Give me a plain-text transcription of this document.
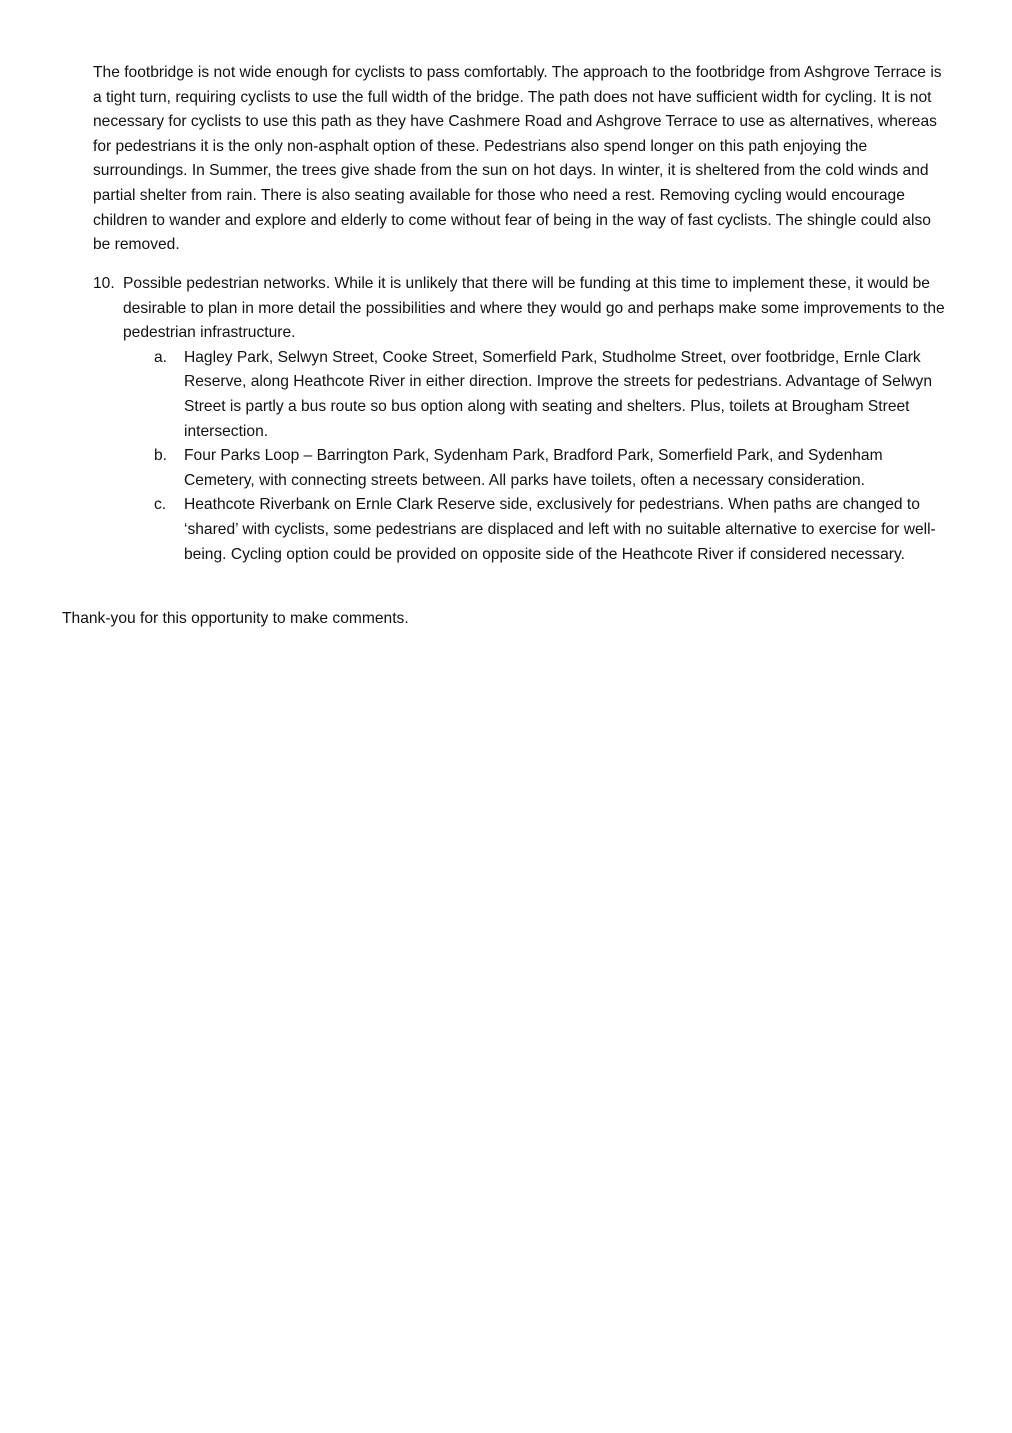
The footbridge is not wide enough for cyclists to pass comfortably. The approach to the footbridge from Ashgrove Terrace is a tight turn, requiring cyclists to use the full width of the bridge. The path does not have sufficient width for cycling. It is not necessary for cyclists to use this path as they have Cashmere Road and Ashgrove Terrace to use as alternatives, whereas for pedestrians it is the only non-asphalt option of these. Pedestrians also spend longer on this path enjoying the surroundings. In Summer, the trees give shade from the sun on hot days. In winter, it is sheltered from the cold winds and partial shelter from rain. There is also seating available for those who need a rest. Removing cycling would encourage children to wander and explore and elderly to come without fear of being in the way of fast cyclists. The shingle could also be removed.

10. Possible pedestrian networks. While it is unlikely that there will be funding at this time to implement these, it would be desirable to plan in more detail the possibilities and where they would go and perhaps make some improvements to the pedestrian infrastructure.
a. Hagley Park, Selwyn Street, Cooke Street, Somerfield Park, Studholme Street, over footbridge, Ernle Clark Reserve, along Heathcote River in either direction. Improve the streets for pedestrians. Advantage of Selwyn Street is partly a bus route so bus option along with seating and shelters. Plus, toilets at Brougham Street intersection.
b. Four Parks Loop – Barrington Park, Sydenham Park, Bradford Park, Somerfield Park, and Sydenham Cemetery, with connecting streets between. All parks have toilets, often a necessary consideration.
c. Heathcote Riverbank on Ernle Clark Reserve side, exclusively for pedestrians. When paths are changed to ‘shared’ with cyclists, some pedestrians are displaced and left with no suitable alternative to exercise for well-being. Cycling option could be provided on opposite side of the Heathcote River if considered necessary.

Thank-you for this opportunity to make comments.
